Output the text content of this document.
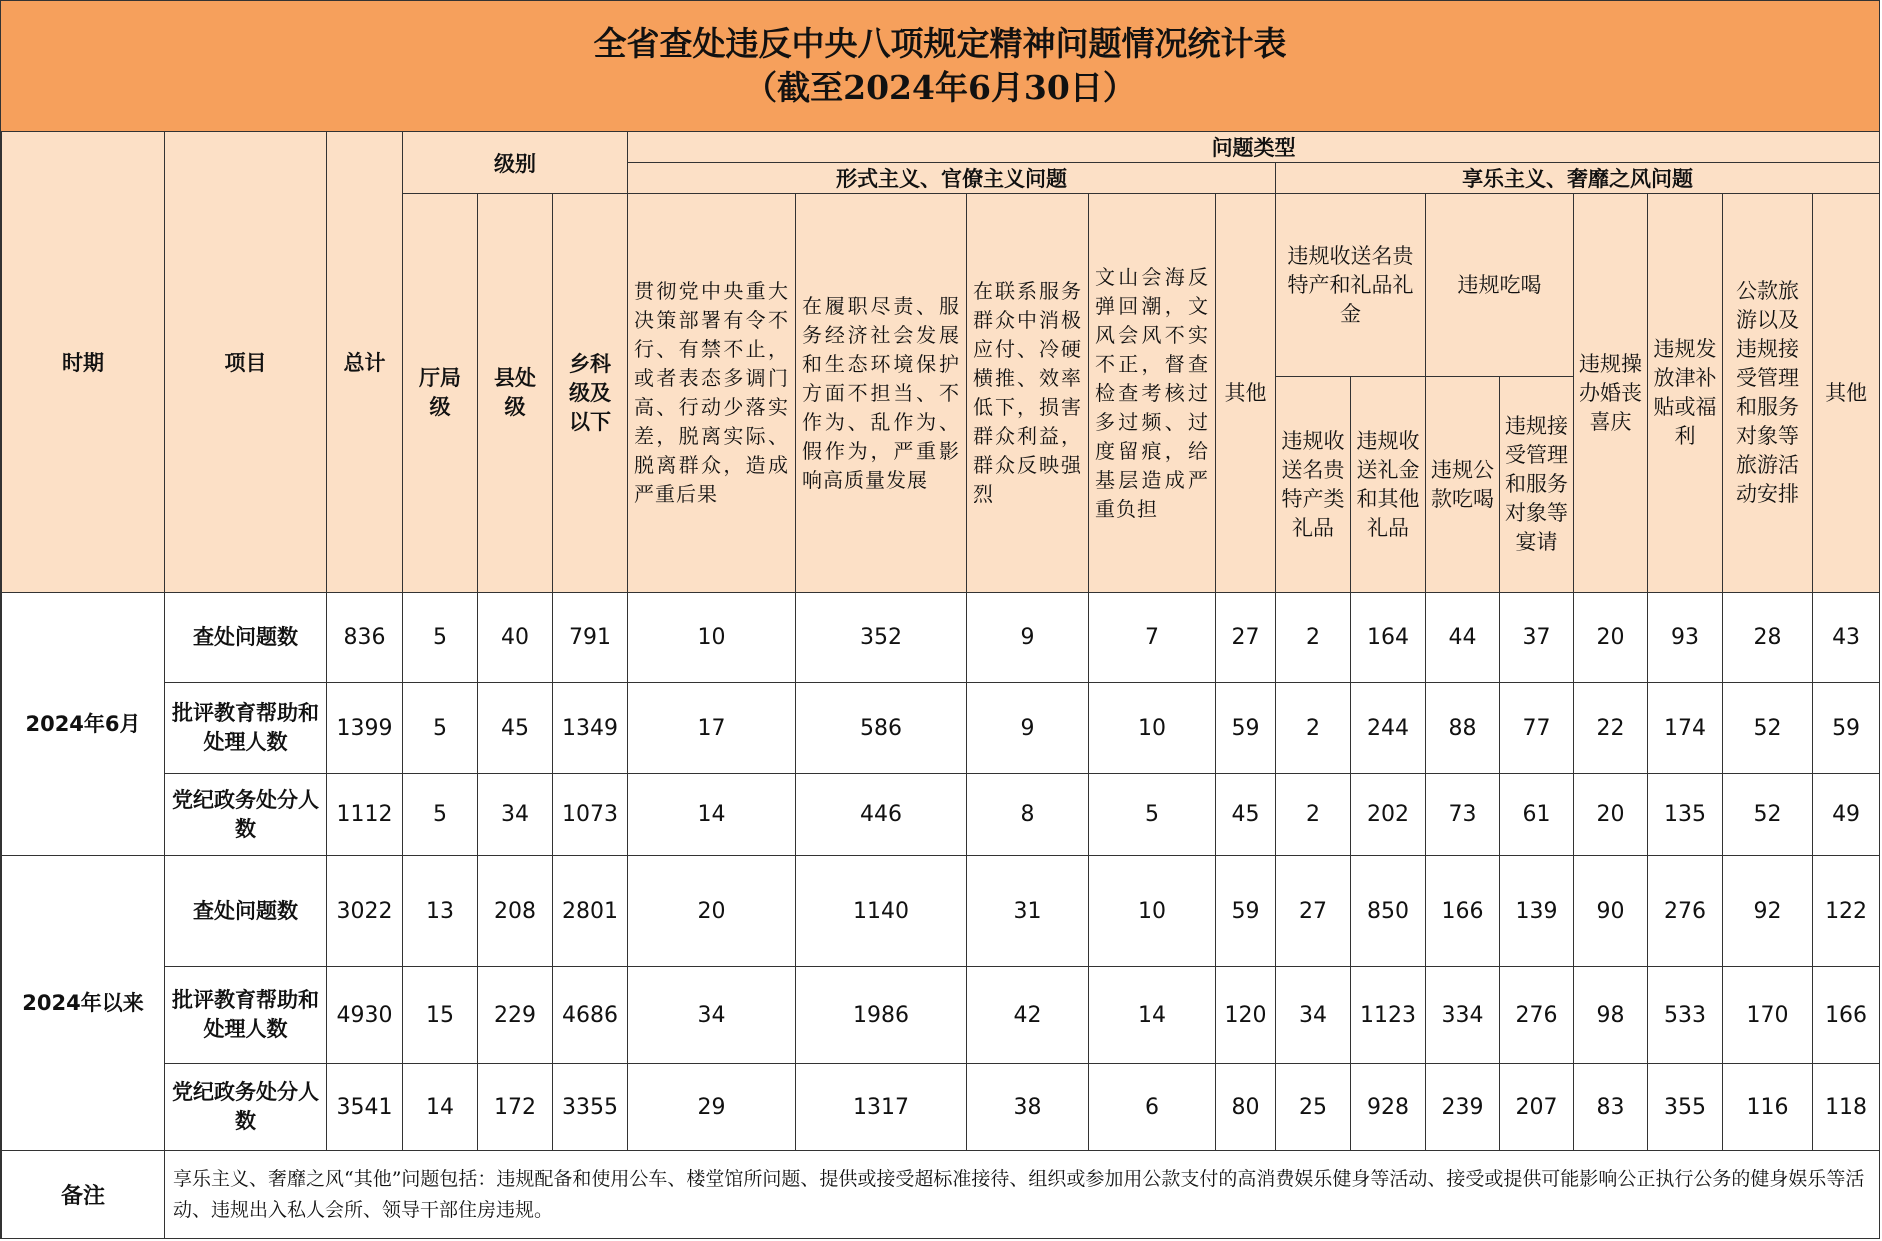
全省查处违反中央八项规定精神问题情况统计表
（截至2024年6月30日）
时期	项目	总计	级别			问题类型												
						形式主义、官僚主义问题					享乐主义、奢靡之风问题							
			厅局级	县处级	乡科级及以下	贯彻党中央重大决策部署有令不行、有禁不止，或者表态多调门高、行动少落实差，脱离实际、脱离群众，造成严重后果	在履职尽责、服务经济社会发展和生态环境保护方面不担当、不作为、乱作为、假作为，严重影响高质量发展	在联系服务群众中消极应付、冷硬横推、效率低下，损害群众利益，群众反映强烈	文山会海反弹回潮，文风会风不实不正，督查检查考核过多过频、过度留痕，给基层造成严重负担	其他	违规收送名贵特产和礼品礼金		违规吃喝		违规操办婚丧喜庆	违规发放津补贴或福利	公款旅游以及违规接受管理和服务对象等旅游活动安排	其他
											违规收送名贵特产类礼品	违规收送礼金和其他礼品	违规公款吃喝	违规接受管理和服务对象等宴请				
2024年6月	查处问题数	836	5	40	791	10	352	9	7	27	2	164	44	37	20	93	28	43
	批评教育帮助和处理人数	1399	5	45	1349	17	586	9	10	59	2	244	88	77	22	174	52	59
	党纪政务处分人数	1112	5	34	1073	14	446	8	5	45	2	202	73	61	20	135	52	49
2024年以来	查处问题数	3022	13	208	2801	20	1140	31	10	59	27	850	166	139	90	276	92	122
	批评教育帮助和处理人数	4930	15	229	4686	34	1986	42	14	120	34	1123	334	276	98	533	170	166
	党纪政务处分人数	3541	14	172	3355	29	1317	38	6	80	25	928	239	207	83	355	116	118
备注	享乐主义、奢靡之风“其他”问题包括：违规配备和使用公车、楼堂馆所问题、提供或接受超标准接待、组织或参加用公款支付的高消费娱乐健身等活动、接受或提供可能影响公正执行公务的健身娱乐等活动、违规出入私人会所、领导干部住房违规。																	
